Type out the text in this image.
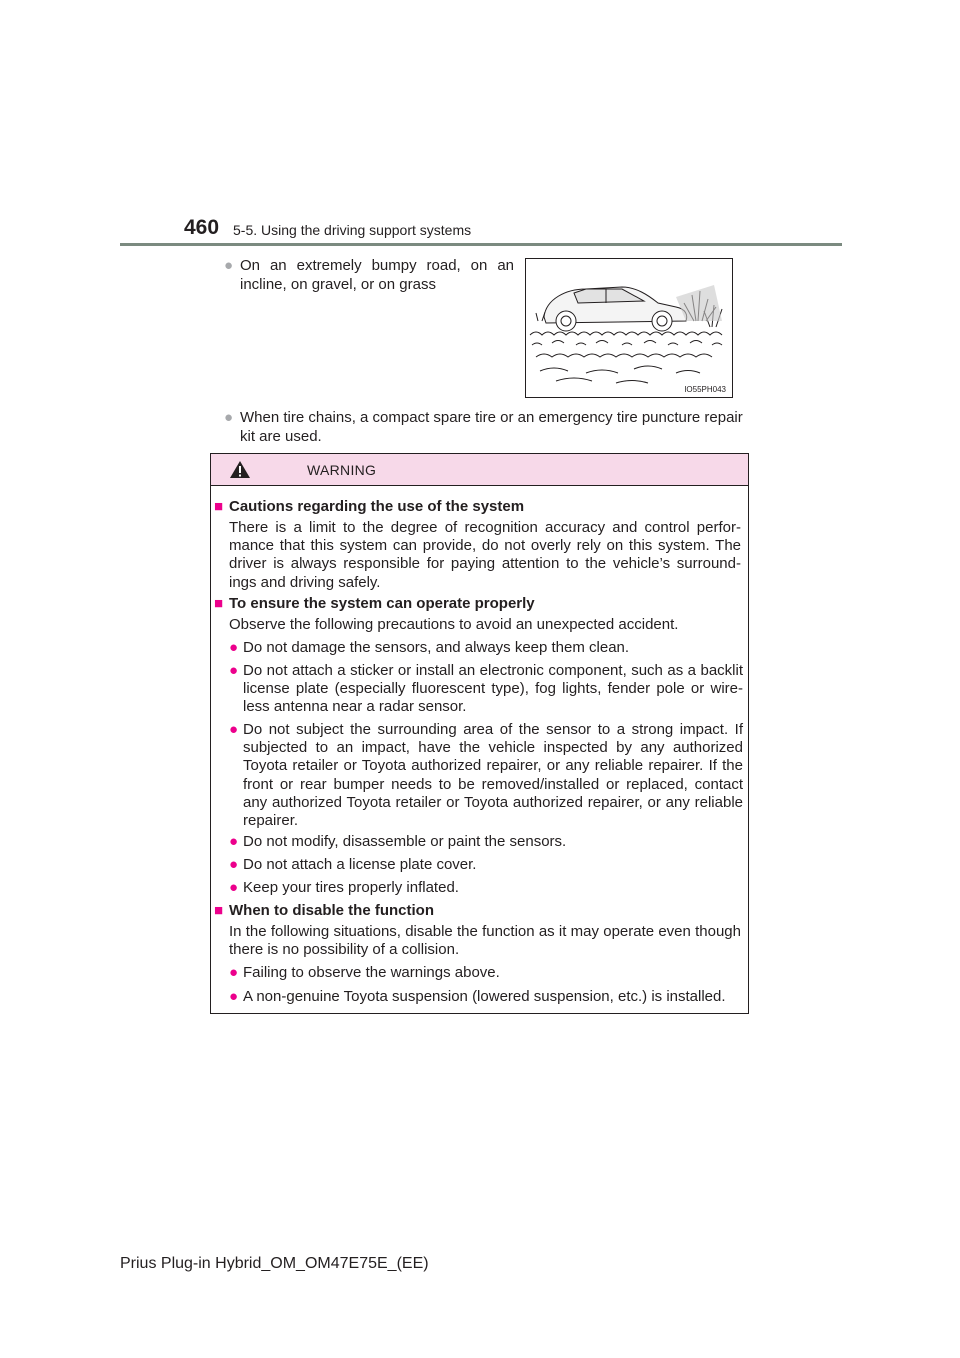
460 5-5. Using the driving support systems
● On an extremely bumpy road, on an incline, on gravel, or on grass
IO55PH043
● When tire chains, a compact spare tire or an emergency tire puncture repair kit are used.
WARNING
■ Cautions regarding the use of the system
There is a limit to the degree of recognition accuracy and control perfor-mance that this system can provide, do not overly rely on this system. The driver is always responsible for paying attention to the vehicle’s surround-ings and driving safely.
■ To ensure the system can operate properly
Observe the following precautions to avoid an unexpected accident.
● Do not damage the sensors, and always keep them clean.
● Do not attach a sticker or install an electronic component, such as a backlit license plate (especially fluorescent type), fog lights, fender pole or wire-less antenna near a radar sensor.
● Do not subject the surrounding area of the sensor to a strong impact. If subjected to an impact, have the vehicle inspected by any authorized Toyota retailer or Toyota authorized repairer, or any reliable repairer. If the front or rear bumper needs to be removed/installed or replaced, contact any authorized Toyota retailer or Toyota authorized repairer, or any reliable repairer.
● Do not modify, disassemble or paint the sensors.
● Do not attach a license plate cover.
● Keep your tires properly inflated.
■ When to disable the function
In the following situations, disable the function as it may operate even though there is no possibility of a collision.
● Failing to observe the warnings above.
● A non-genuine Toyota suspension (lowered suspension, etc.) is installed.
Prius Plug-in Hybrid_OM_OM47E75E_(EE)
